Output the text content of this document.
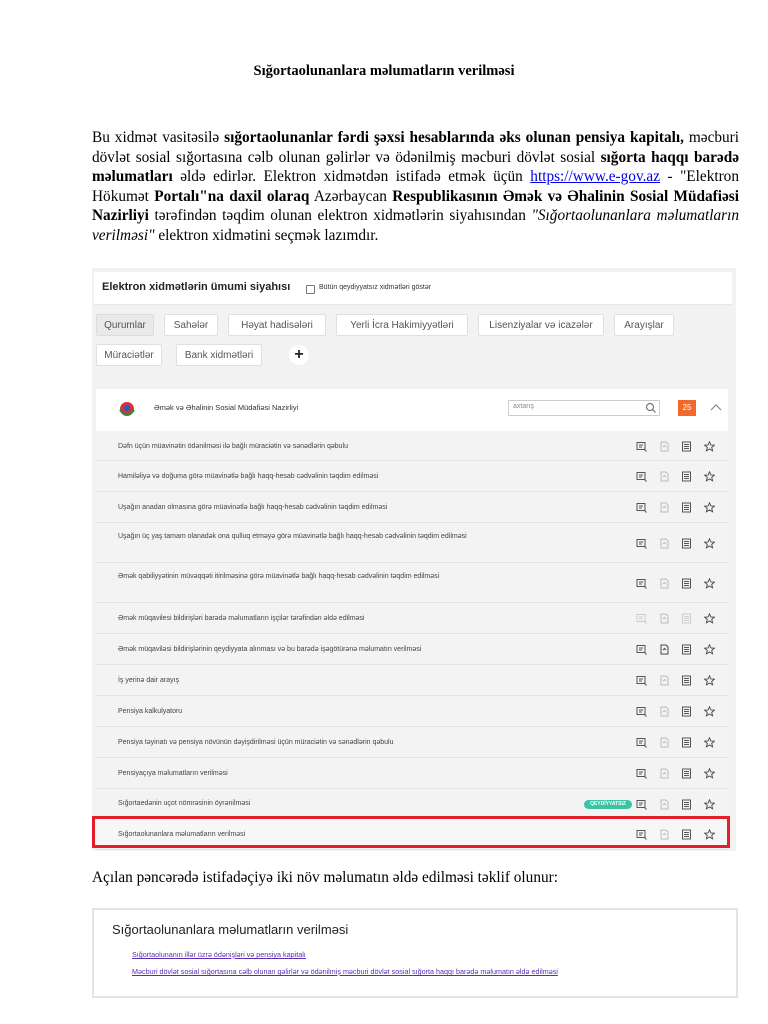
Sığortaolunanlara məlumatların verilməsi

Bu xidmət vasitəsilə sığortaolunanlar fərdi şəxsi hesablarında əks olunan pensiya kapitalı, məcburi dövlət sosial sığortasına cəlb olunan gəlirlər və ödənilmiş məcburi dövlət sosial sığorta haqqı barədə məlumatları əldə edirlər. Elektron xidmətdən istifadə etmək üçün https://www.e-gov.az - "Elektron Hökumət Portalı"na daxil olaraq Azərbaycan Respublikasının Əmək və Əhalinin Sosial Müdafiəsi Nazirliyi tərəfindən təqdim olunan elektron xidmətlərin siyahısından "Sığortaolunanlara məlumatların verilməsi" elektron xidmətini seçmək lazımdır.

Elektron xidmətlərin ümumi siyahısı	Bütün qeydiyyatsız xidmətləri göstər
Qurumlar	Sahələr	Həyat hadisələri	Yerli İcra Hakimiyyətləri	Lisenziyalar və icazələr	Arayışlar
Müraciətlər	Bank xidmətləri	+
Əmək və Əhalinin Sosial Müdafiəsi Nazirliyi	axtarış	25
Dəfn üçün müavinətin ödənilməsi ilə bağlı müraciətin və sənədlərin qəbulu
Hamiləliyə və doğuma görə müavinətlə bağlı haqq-hesab cədvəlinin təqdim edilməsi
Uşağın anadan olmasına görə müavinətlə bağlı haqq-hesab cədvəlinin təqdim edilməsi
Uşağın üç yaş tamam olanadək ona qulluq etməyə görə müavinətlə bağlı haqq-hesab cədvəlinin təqdim edilməsi
Əmək qabiliyyətinin müvəqqəti itirilməsinə görə müavinətlə bağlı haqq-hesab cədvəlinin təqdim edilməsi
Əmək müqavilesi bildirişləri barədə məlumatların işçilər tərəfindən əldə edilməsi
Əmək müqaviləsi bildirişlərinin qeydiyyata alınması və bu barədə işəgötürənə məlumatın verilməsi
İş yerinə dair arayış
Pensiya kalkulyatoru
Pensiya təyinatı və pensiya növünün dəyişdirilməsi üçün müraciətin və sənədlərin qəbulu
Pensiyaçıya məlumatların verilməsi
Sığortaedənin uçot nömrəsinin öyrənilməsi	QEYDİYYATSIZ
Sığortaolunanlara məlumatların verilməsi
Açılan pəncərədə istifadəçiyə iki növ məlumatın əldə edilməsi təklif olunur:
Sığortaolunanlara məlumatların verilməsi
Sığortaolunanın illər üzrə ödənişləri və pensiya kapitalı
Məcburi dövlət sosial sığortasına cəlb olunan gəlirlər və ödənilmiş məcburi dövlət sosial sığorta haqqı barədə məlumatın əldə edilməsi
